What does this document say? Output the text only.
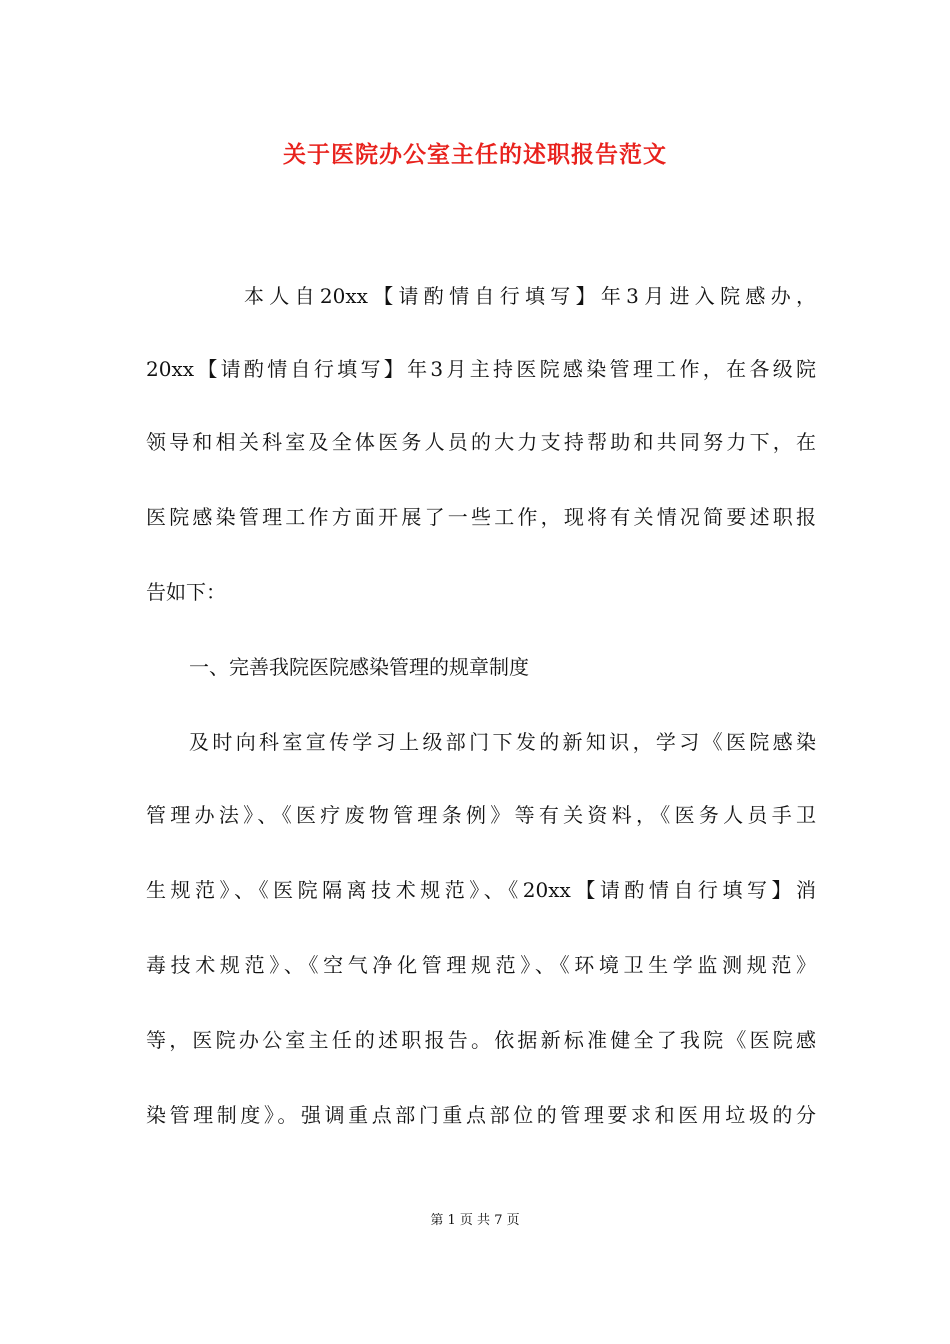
关于医院办公室主任的述职报告范文
本人自20xx【请酌情自行填写】年3月进入院感办，
20xx【请酌情自行填写】年3月主持医院感染管理工作，在各级院
领导和相关科室及全体医务人员的大力支持帮助和共同努力下，在
医院感染管理工作方面开展了一些工作，现将有关情况简要述职报
告如下：
一、完善我院医院感染管理的规章制度
及时向科室宣传学习上级部门下发的新知识，学习《医院感染
管理办法》、《医疗废物管理条例》等有关资料，《医务人员手卫
生规范》、《医院隔离技术规范》、《20xx【请酌情自行填写】消
毒技术规范》、《空气净化管理规范》、《环境卫生学监测规范》
等，医院办公室主任的述职报告。依据新标准健全了我院《医院感
染管理制度》。强调重点部门重点部位的管理要求和医用垃圾的分
第 1 页 共 7 页
